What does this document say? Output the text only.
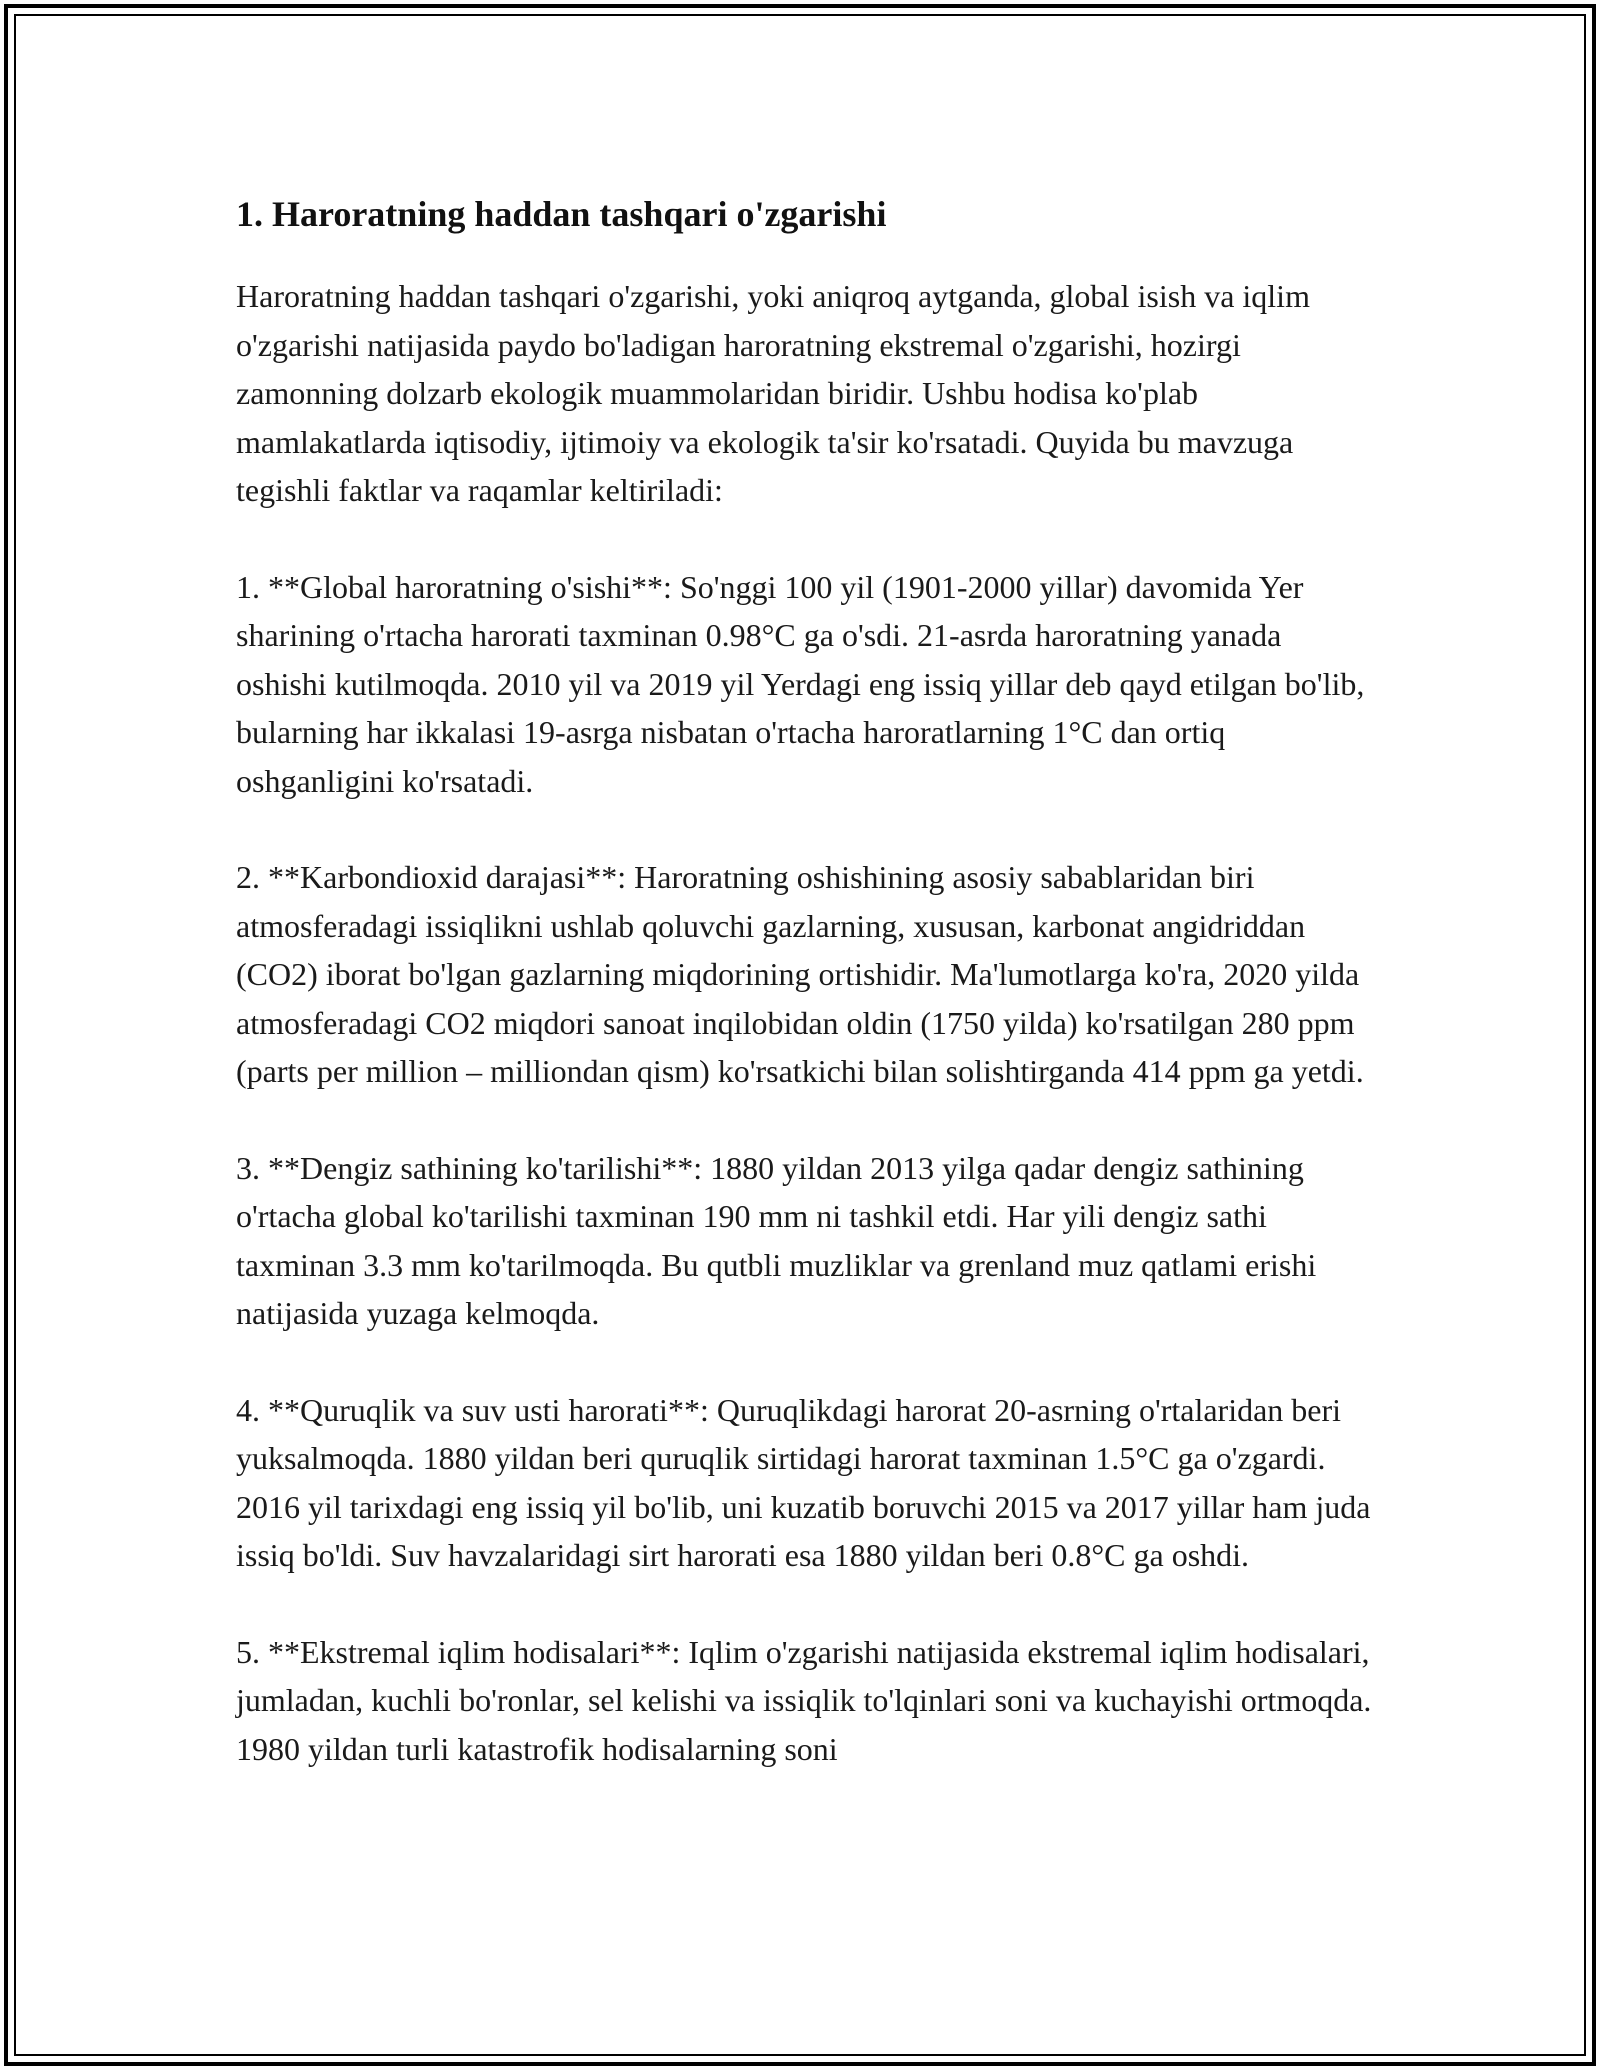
1. Haroratning haddan tashqari o'zgarishi

Haroratning haddan tashqari o'zgarishi, yoki aniqroq aytganda, global isish va iqlim o'zgarishi natijasida paydo bo'ladigan haroratning ekstremal o'zgarishi, hozirgi zamonning dolzarb ekologik muammolaridan biridir. Ushbu hodisa ko'plab mamlakatlarda iqtisodiy, ijtimoiy va ekologik ta'sir ko'rsatadi. Quyida bu mavzuga tegishli faktlar va raqamlar keltiriladi:

1. **Global haroratning o'sishi**: So'nggi 100 yil (1901-2000 yillar) davomida Yer sharining o'rtacha harorati taxminan 0.98°C ga o'sdi. 21-asrda haroratning yanada oshishi kutilmoqda. 2010 yil va 2019 yil Yerdagi eng issiq yillar deb qayd etilgan bo'lib, bularning har ikkalasi 19-asrga nisbatan o'rtacha haroratlarning 1°C dan ortiq oshganligini ko'rsatadi.

2. **Karbondioxid darajasi**: Haroratning oshishining asosiy sabablaridan biri atmosferadagi issiqlikni ushlab qoluvchi gazlarning, xususan, karbonat angidriddan (CO2) iborat bo'lgan gazlarning miqdorining ortishidir. Ma'lumotlarga ko'ra, 2020 yilda atmosferadagi CO2 miqdori sanoat inqilobidan oldin (1750 yilda) ko'rsatilgan 280 ppm (parts per million – milliondan qism) ko'rsatkichi bilan solishtirganda 414 ppm ga yetdi.

3. **Dengiz sathining ko'tarilishi**: 1880 yildan 2013 yilga qadar dengiz sathining o'rtacha global ko'tarilishi taxminan 190 mm ni tashkil etdi. Har yili dengiz sathi taxminan 3.3 mm ko'tarilmoqda. Bu qutbli muzliklar va grenland muz qatlami erishi natijasida yuzaga kelmoqda.

4. **Quruqlik va suv usti harorati**: Quruqlikdagi harorat 20-asrning o'rtalaridan beri yuksalmoqda. 1880 yildan beri quruqlik sirtidagi harorat taxminan 1.5°C ga o'zgardi. 2016 yil tarixdagi eng issiq yil bo'lib, uni kuzatib boruvchi 2015 va 2017 yillar ham juda issiq bo'ldi. Suv havzalaridagi sirt harorati esa 1880 yildan beri 0.8°C ga oshdi.

5. **Ekstremal iqlim hodisalari**: Iqlim o'zgarishi natijasida ekstremal iqlim hodisalari, jumladan, kuchli bo'ronlar, sel kelishi va issiqlik to'lqinlari soni va kuchayishi ortmoqda. 1980 yildan turli katastrofik hodisalarning soni
